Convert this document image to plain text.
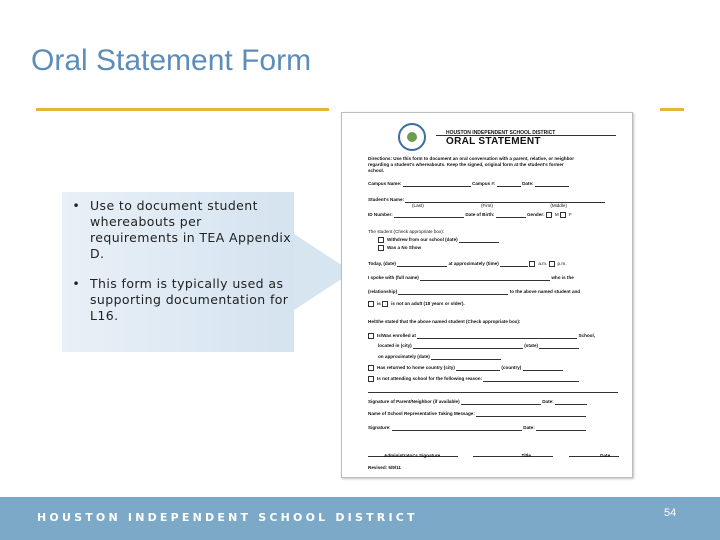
Oral Statement Form
• Use to document student whereabouts per requirements in TEA Appendix D.
• This form is typically used as supporting documentation for L16.
HOUSTON INDEPENDENT SCHOOL DISTRICT
ORAL STATEMENT
Directions: Use this form to document an oral conversation with a parent, relative, or neighbor
regarding a student's whereabouts. Keep the signed, original form at the student's former
school.
Campus Name:	Campus #:	Date:
Student's Name:
(Last)	(First)	(Middle)
ID Number:	Date of Birth:	Gender: M F
The student (Check appropriate box):
Withdrew from our school (date)
Was a No Show
Today, (date)	at approximately (time)	a.m. p.m.
I spoke with (full name)	who is the
(relationship)	to the above named student and
is is not an adult (18 years or older).
He/She stated that the above named student (Check appropriate box):
Is/Was enrolled at	School,
located in (city)	(state)
on approximately (date)
Has returned to home country (city)	(country)
Is not attending school for the following reason:
Signature of Parent/Neighbor (if available)	Date:
Name of School Representative Taking Message:
Signature:	Date:

Administrator's Signature	Title	Date
Revised: 5/9/11
HOUSTON INDEPENDENT SCHOOL DISTRICT	54
